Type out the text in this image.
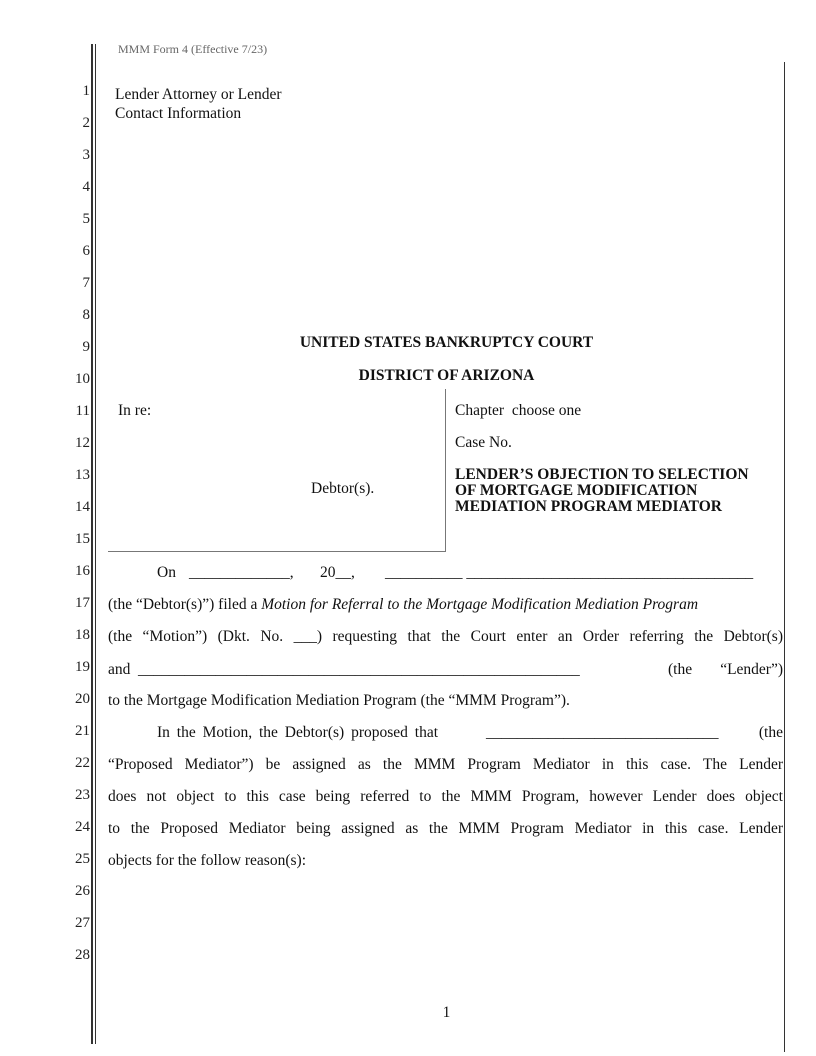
MMM Form 4 (Effective 7/23)
1
2
3
4
5
6
7
8
9
10
11
12
13
14
15
16
17
18
19
20
21
22
23
24
25
26
27
28
Lender Attorney or Lender
Contact Information
UNITED STATES BANKRUPTCY COURT
DISTRICT OF ARIZONA
In re:
Debtor(s).
Chapter  choose one
Case No.
LENDER’S OBJECTION TO SELECTION OF MORTGAGE MODIFICATION MEDIATION PROGRAM MEDIATOR
On _____________, 20__, __________ _____________________________________
(the “Debtor(s)”) filed a Motion for Referral to the Mortgage Modification Mediation Program
(the “Motion”) (Dkt. No. ___) requesting that the Court enter an Order referring the Debtor(s)
and _________________________________________________________	(the “Lender”)
to the Mortgage Modification Mediation Program (the “MMM Program”).
In the Motion, the Debtor(s) proposed that	______________________________	(the
“Proposed Mediator”) be assigned as the MMM Program Mediator in this case. The Lender
does not object to this case being referred to the MMM Program, however Lender does object
to the Proposed Mediator being assigned as the MMM Program Mediator in this case. Lender
objects for the follow reason(s):
1
